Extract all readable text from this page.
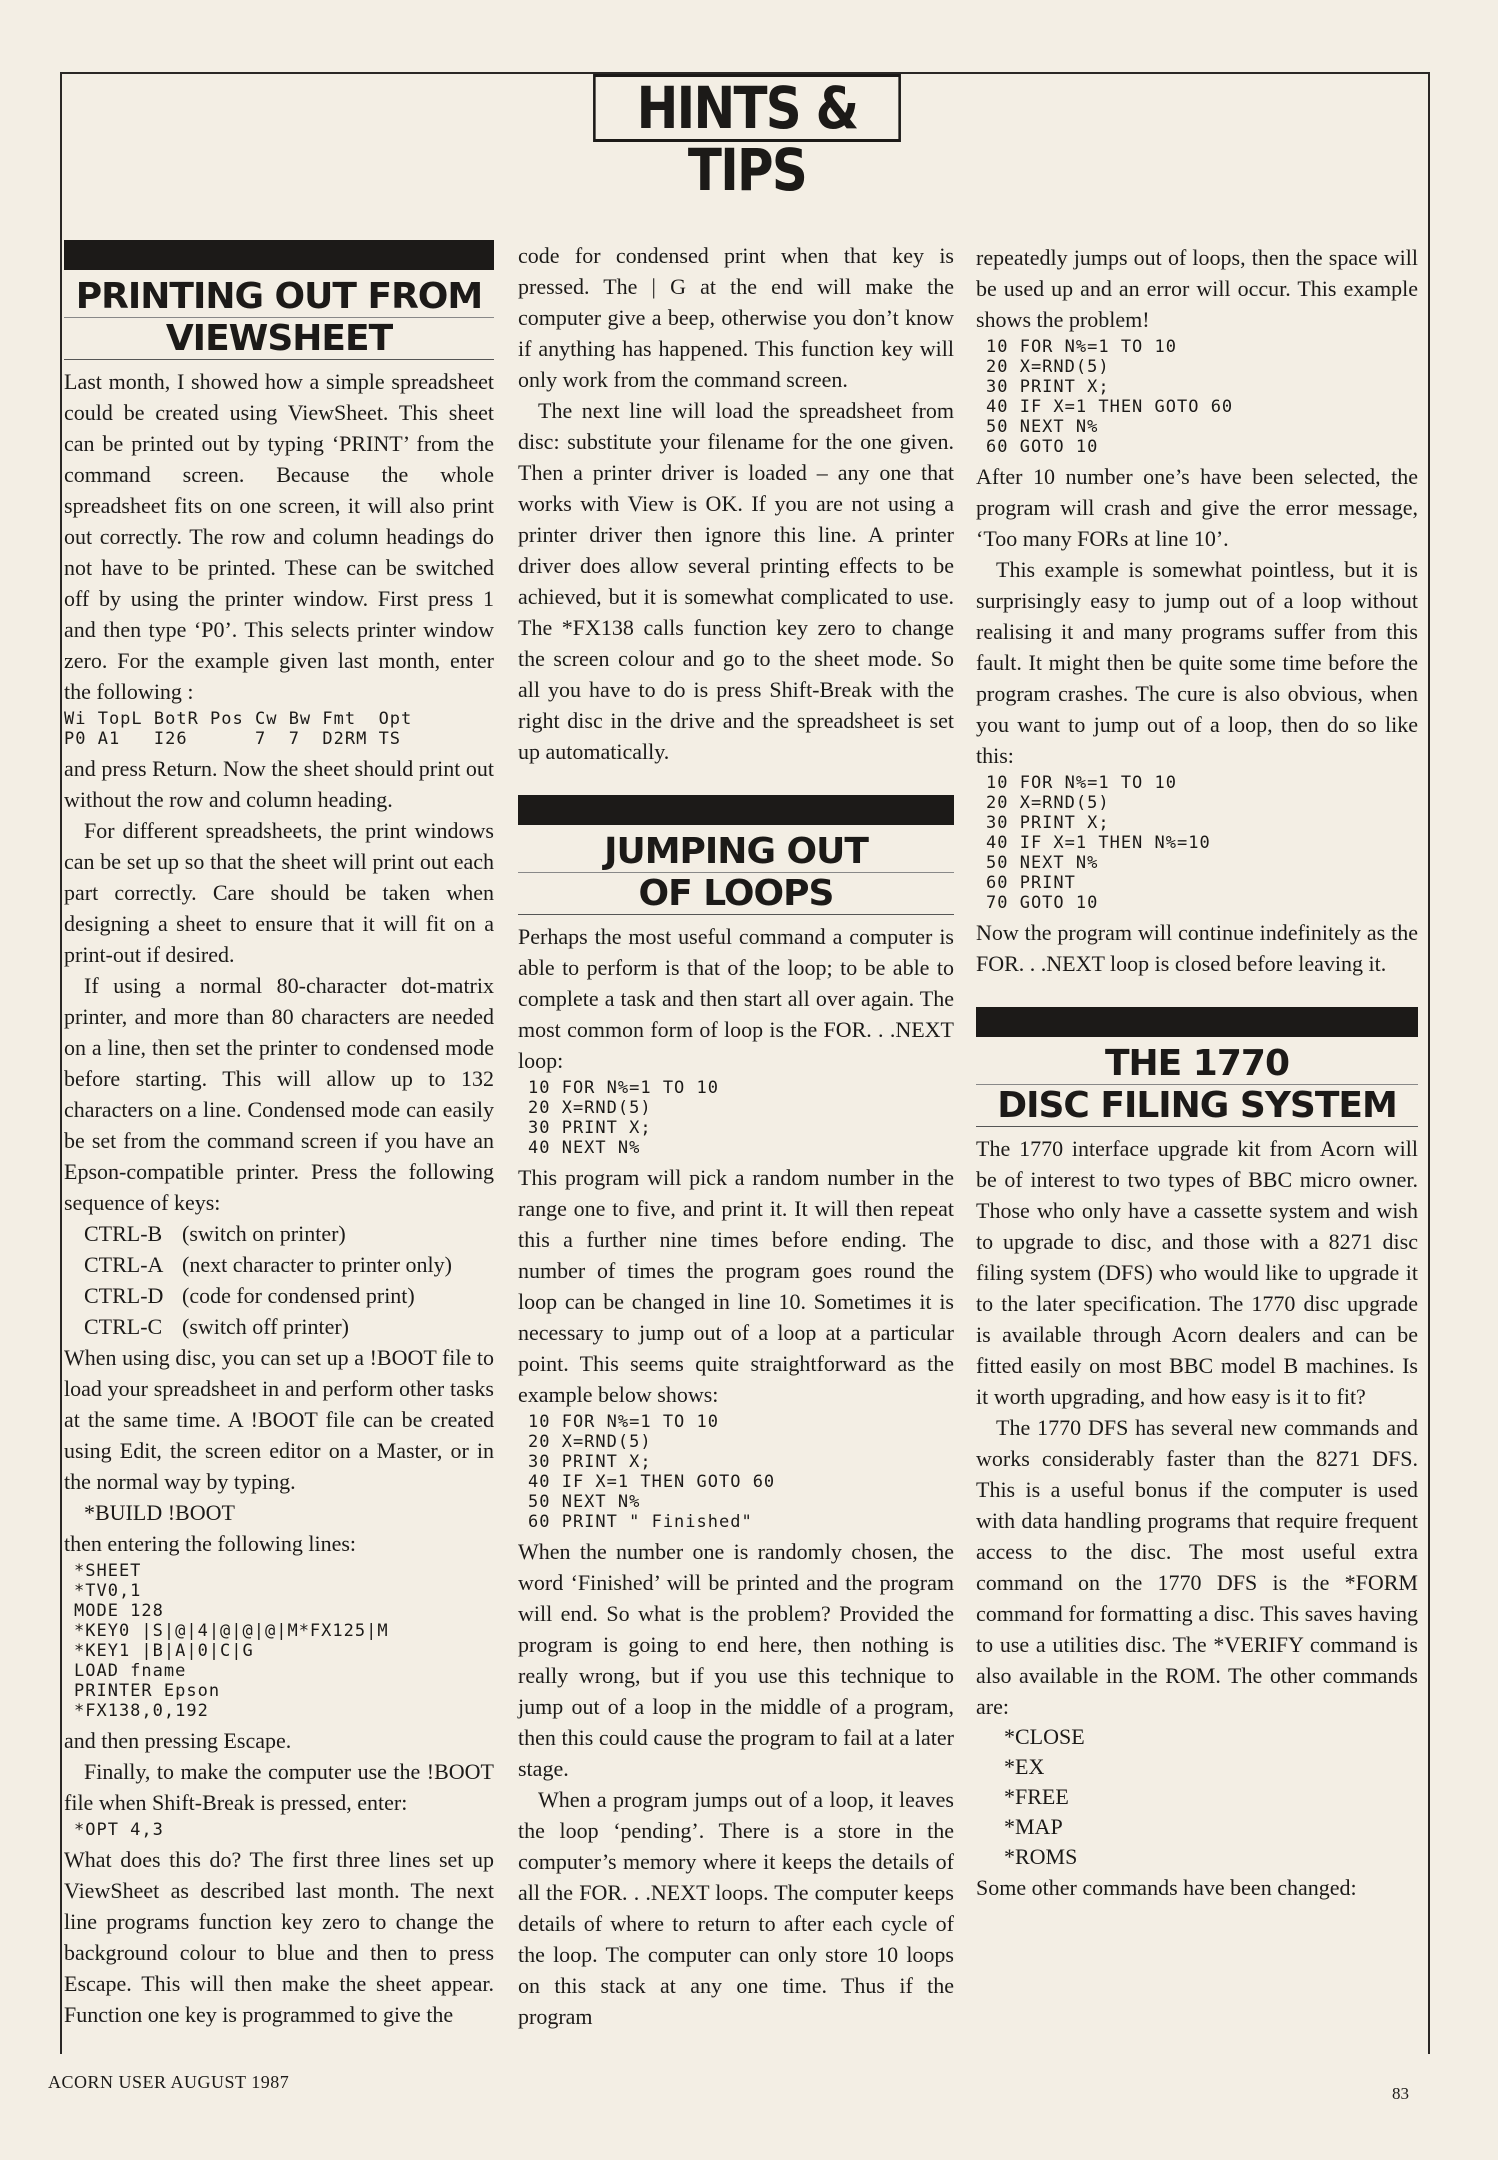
HINTS & TIPS
PRINTING OUT FROM
VIEWSHEET

Last month, I showed how a simple spreadsheet could be created using ViewSheet. This sheet can be printed out by typing ‘PRINT’ from the command screen. Because the whole spreadsheet fits on one screen, it will also print out correctly. The row and column headings do not have to be printed. These can be switched off by using the printer window. First press 1 and then type ‘P0’. This selects printer window zero. For the example given last month, enter the following :

Wi TopL BotR Pos Cw Bw Fmt  Opt
P0 A1   I26      7  7  D2RM TS

and press Return. Now the sheet should print out without the row and column heading.

For different spreadsheets, the print windows can be set up so that the sheet will print out each part correctly. Care should be taken when designing a sheet to ensure that it will fit on a print-out if desired.

If using a normal 80-character dot-matrix printer, and more than 80 characters are needed on a line, then set the printer to condensed mode before starting. This will allow up to 132 characters on a line. Condensed mode can easily be set from the command screen if you have an Epson-compatible printer. Press the following sequence of keys:

CTRL-B (switch on printer)
CTRL-A (next character to printer only)
CTRL-D (code for condensed print)
CTRL-C (switch off printer)

When using disc, you can set up a !BOOT file to load your spreadsheet in and perform other tasks at the same time. A !BOOT file can be created using Edit, the screen editor on a Master, or in the normal way by typing.

*BUILD !BOOT

then entering the following lines:

*SHEET
*TV0,1
MODE 128
*KEY0 |S|@|4|@|@|@|M*FX125|M
*KEY1 |B|A|0|C|G
LOAD fname
PRINTER Epson
*FX138,0,192

and then pressing Escape.

Finally, to make the computer use the !BOOT file when Shift-Break is pressed, enter:

*OPT 4,3

What does this do? The first three lines set up ViewSheet as described last month. The next line programs function key zero to change the background colour to blue and then to press Escape. This will then make the sheet appear. Function one key is programmed to give the

code for condensed print when that key is pressed. The | G at the end will make the computer give a beep, otherwise you don’t know if anything has happened. This function key will only work from the command screen.

The next line will load the spreadsheet from disc: substitute your filename for the one given. Then a printer driver is loaded – any one that works with View is OK. If you are not using a printer driver then ignore this line. A printer driver does allow several printing effects to be achieved, but it is somewhat complicated to use. The *FX138 calls function key zero to change the screen colour and go to the sheet mode. So all you have to do is press Shift-Break with the right disc in the drive and the spreadsheet is set up automatically.

JUMPING OUT
OF LOOPS

Perhaps the most useful command a computer is able to perform is that of the loop; to be able to complete a task and then start all over again. The most common form of loop is the FOR. . .NEXT loop:

10 FOR N%=1 TO 10
20 X=RND(5)
30 PRINT X;
40 NEXT N%

This program will pick a random number in the range one to five, and print it. It will then repeat this a further nine times before ending. The number of times the program goes round the loop can be changed in line 10. Sometimes it is necessary to jump out of a loop at a particular point. This seems quite straightforward as the example below shows:

10 FOR N%=1 TO 10
20 X=RND(5)
30 PRINT X;
40 IF X=1 THEN GOTO 60
50 NEXT N%
60 PRINT " Finished"

When the number one is randomly chosen, the word ‘Finished’ will be printed and the program will end. So what is the problem? Provided the program is going to end here, then nothing is really wrong, but if you use this technique to jump out of a loop in the middle of a program, then this could cause the program to fail at a later stage.

When a program jumps out of a loop, it leaves the loop ‘pending’. There is a store in the computer’s memory where it keeps the details of all the FOR. . .NEXT loops. The computer keeps details of where to return to after each cycle of the loop. The computer can only store 10 loops on this stack at any one time. Thus if the program

repeatedly jumps out of loops, then the space will be used up and an error will occur. This example shows the problem!

10 FOR N%=1 TO 10
20 X=RND(5)
30 PRINT X;
40 IF X=1 THEN GOTO 60
50 NEXT N%
60 GOTO 10

After 10 number one’s have been selected, the program will crash and give the error message, ‘Too many FORs at line 10’.

This example is somewhat pointless, but it is surprisingly easy to jump out of a loop without realising it and many programs suffer from this fault. It might then be quite some time before the program crashes. The cure is also obvious, when you want to jump out of a loop, then do so like this:

10 FOR N%=1 TO 10
20 X=RND(5)
30 PRINT X;
40 IF X=1 THEN N%=10
50 NEXT N%
60 PRINT
70 GOTO 10

Now the program will continue indefinitely as the FOR. . .NEXT loop is closed before leaving it.

THE 1770
DISC FILING SYSTEM

The 1770 interface upgrade kit from Acorn will be of interest to two types of BBC micro owner. Those who only have a cassette system and wish to upgrade to disc, and those with a 8271 disc filing system (DFS) who would like to upgrade it to the later specification. The 1770 disc upgrade is available through Acorn dealers and can be fitted easily on most BBC model B machines. Is it worth upgrading, and how easy is it to fit?

The 1770 DFS has several new commands and works considerably faster than the 8271 DFS. This is a useful bonus if the computer is used with data handling programs that require frequent access to the disc. The most useful extra command on the 1770 DFS is the *FORM command for formatting a disc. This saves having to use a utilities disc. The *VERIFY command is also available in the ROM. The other commands are:

*CLOSE
*EX
*FREE
*MAP
*ROMS

Some other commands have been changed:

ACORN USER AUGUST 1987
83
